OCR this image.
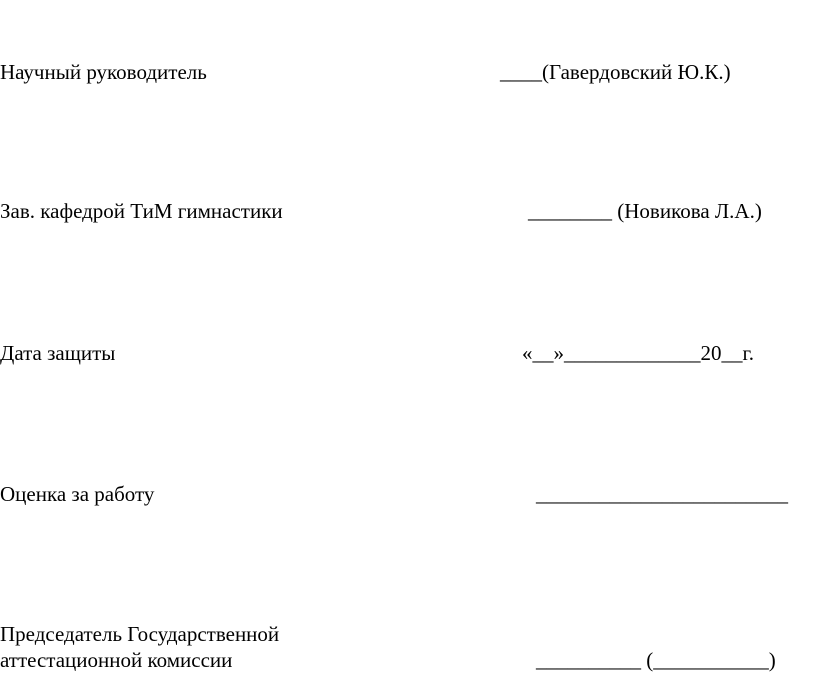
Научный руководитель	____(Гавердовский Ю.К.)
Зав. кафедрой ТиМ гимнастики	________ (Новикова Л.А.)
Дата защиты	«__»_____________20__г.
Оценка за работу	________________________
Председатель Государственной
аттестационной комиссии	__________ (___________)
